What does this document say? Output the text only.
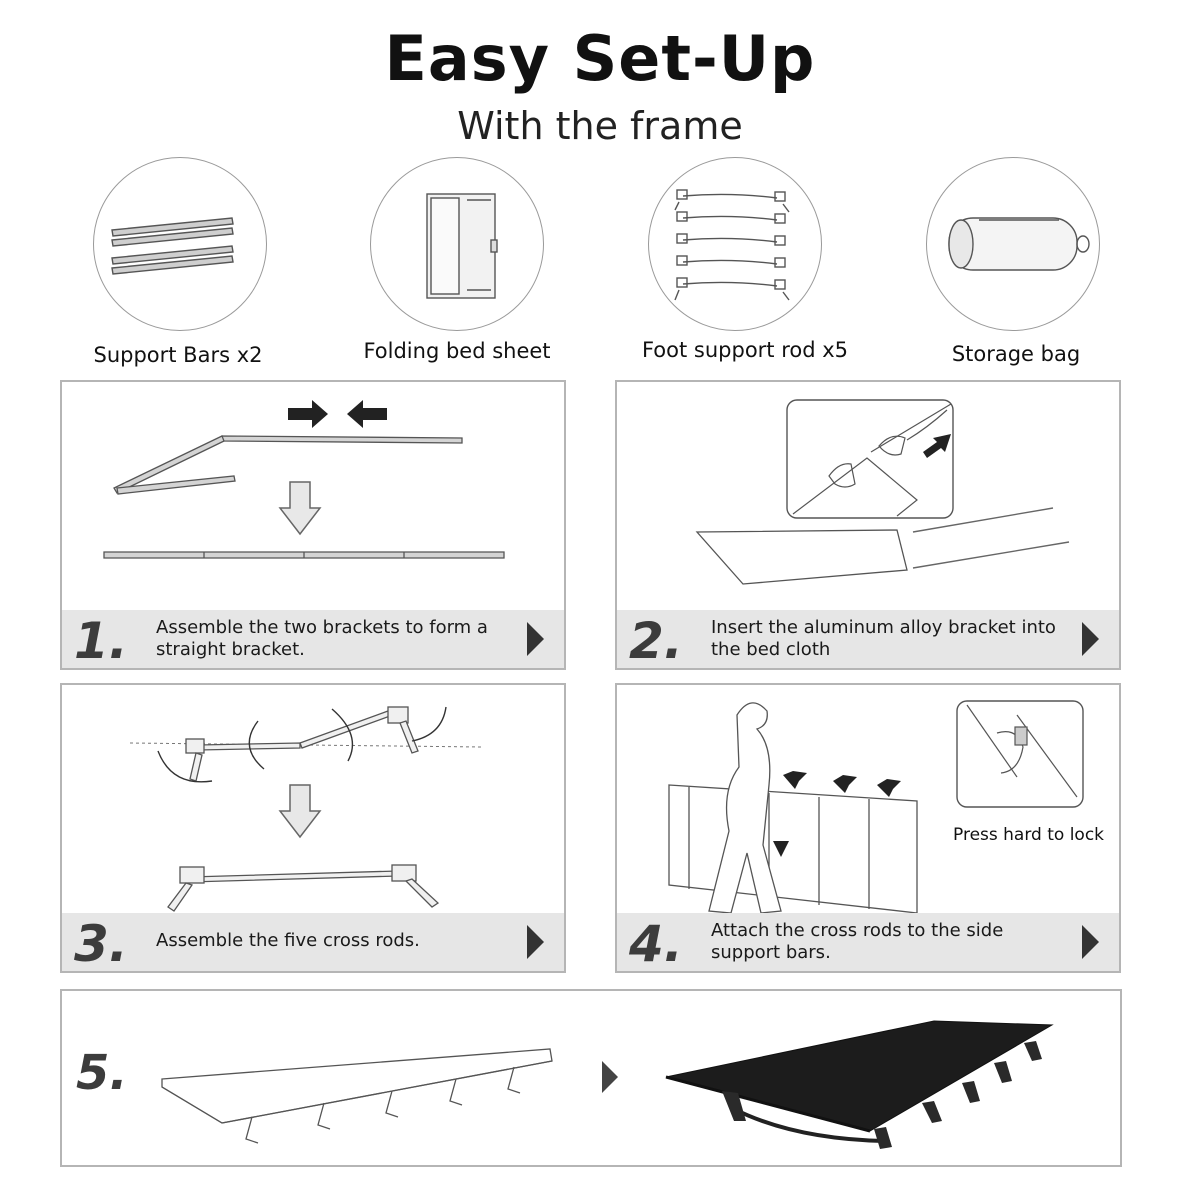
Easy Set-Up
With the frame
Support Bars x2	Folding bed sheet	Foot support rod x5	Storage bag
1. Assemble the two brackets to form a straight bracket.	2. Insert the aluminum alloy bracket into the bed cloth
3. Assemble the five cross rods.
Press hard to lock
4. Attach the cross rods to the side support bars.
5.
